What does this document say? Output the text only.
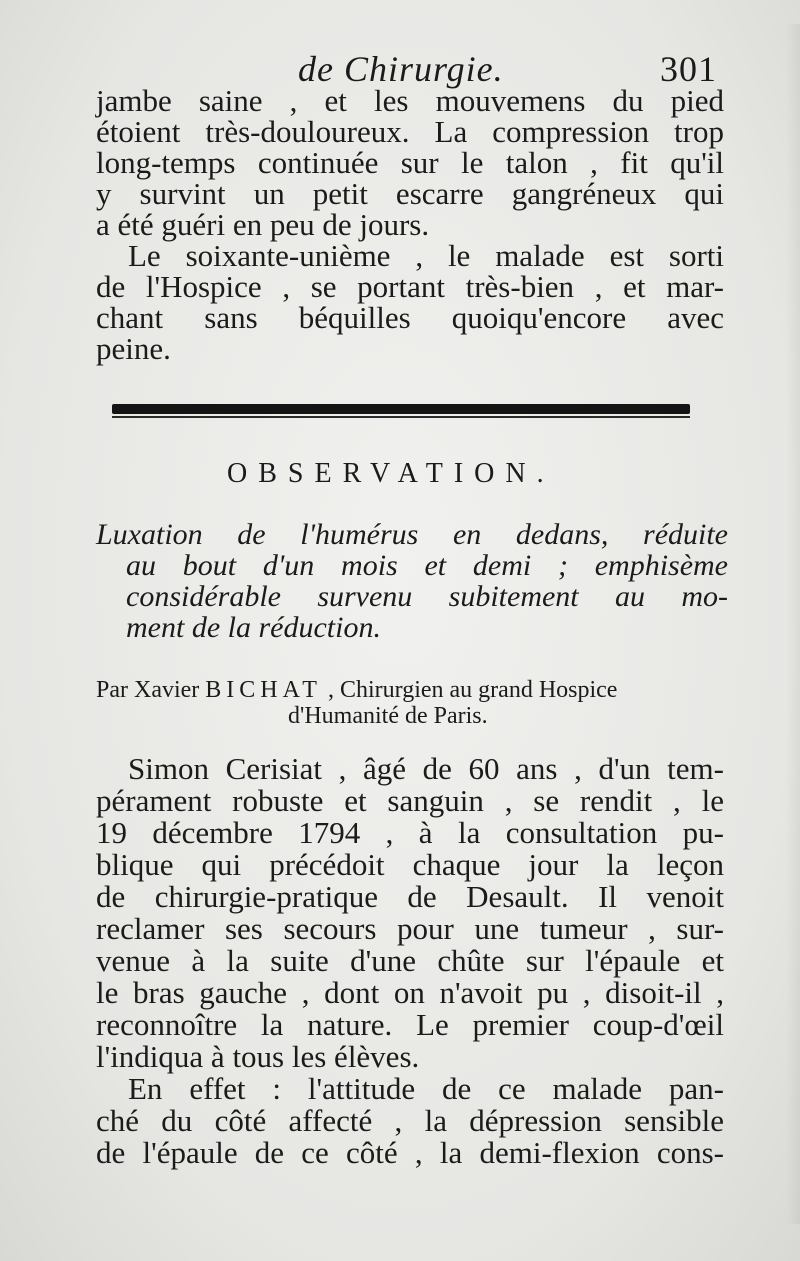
de Chirurgie.	301
jambe saine , et les mouvemens du pied
étoient très-douloureux. La compression trop
long-temps continuée sur le talon , fit qu'il
y survint un petit escarre gangréneux qui
a été guéri en peu de jours.
Le soixante-unième , le malade est sorti
de l'Hospice , se portant très-bien , et mar-
chant sans béquilles quoiqu'encore avec
peine.
OBSERVATION.
Luxation de l'humérus en dedans, réduite
au bout d'un mois et demi ; emphisème
considérable survenu subitement au mo-
ment de la réduction.
Par Xavier BICHAT , Chirurgien au grand Hospice
d'Humanité de Paris.
Simon Cerisiat , âgé de 60 ans , d'un tem-
pérament robuste et sanguin , se rendit , le
19 décembre 1794 , à la consultation pu-
blique qui précédoit chaque jour la leçon
de chirurgie-pratique de Desault. Il venoit
reclamer ses secours pour une tumeur , sur-
venue à la suite d'une chûte sur l'épaule et
le bras gauche , dont on n'avoit pu , disoit-il ,
reconnoître la nature. Le premier coup-d'œil
l'indiqua à tous les élèves.
En effet : l'attitude de ce malade pan-
ché du côté affecté , la dépression sensible
de l'épaule de ce côté , la demi-flexion cons-
